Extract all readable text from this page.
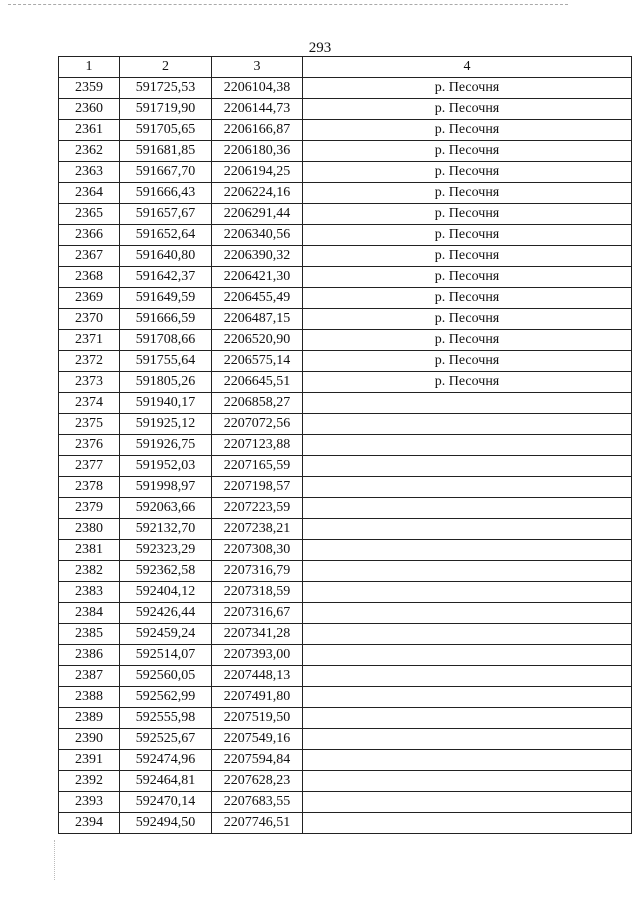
293
1	2	3	4
2359	591725,53	2206104,38	р. Песочня
2360	591719,90	2206144,73	р. Песочня
2361	591705,65	2206166,87	р. Песочня
2362	591681,85	2206180,36	р. Песочня
2363	591667,70	2206194,25	р. Песочня
2364	591666,43	2206224,16	р. Песочня
2365	591657,67	2206291,44	р. Песочня
2366	591652,64	2206340,56	р. Песочня
2367	591640,80	2206390,32	р. Песочня
2368	591642,37	2206421,30	р. Песочня
2369	591649,59	2206455,49	р. Песочня
2370	591666,59	2206487,15	р. Песочня
2371	591708,66	2206520,90	р. Песочня
2372	591755,64	2206575,14	р. Песочня
2373	591805,26	2206645,51	р. Песочня
2374	591940,17	2206858,27	
2375	591925,12	2207072,56	
2376	591926,75	2207123,88	
2377	591952,03	2207165,59	
2378	591998,97	2207198,57	
2379	592063,66	2207223,59	
2380	592132,70	2207238,21	
2381	592323,29	2207308,30	
2382	592362,58	2207316,79	
2383	592404,12	2207318,59	
2384	592426,44	2207316,67	
2385	592459,24	2207341,28	
2386	592514,07	2207393,00	
2387	592560,05	2207448,13	
2388	592562,99	2207491,80	
2389	592555,98	2207519,50	
2390	592525,67	2207549,16	
2391	592474,96	2207594,84	
2392	592464,81	2207628,23	
2393	592470,14	2207683,55	
2394	592494,50	2207746,51	
